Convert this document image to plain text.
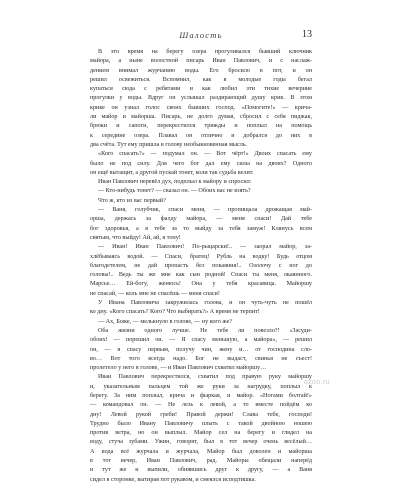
Шалость	13
В это время на берегу озера прогуливался бывший ключник
майора, а ныне волостной писарь Иван Павлович, и с наслаж-
дением внимал журчанию воды. Его бросило в пот, и он
решил освежиться. Вспомнил, как в молодые годы бегал
купаться сюда с ребятами и как любил эти тихие вечерние
прогулки у воды. Вдруг он услышал раздирающий душу крик. В этом
крике он узнал голос своих бывших господ. «Помогите!» — крича-
ли майор и майорша. Писарь, не долго думая, сбросил с себя пиджак,
брюки и сапоги, перекрестился трижды и поплыл на помощь
к середине озера. Плавал он отлично и добрался до них в
два счёта. Тут ему пришла в голову необыкновенная мысль.
«Кого спасать?» — подумал он. — Вот чёрт!» Двоих спасать ему
было не под силу. Для чего бог дал ему силы на двоих? Одного
он ещё вытащит, а другой пускай тонет, коли так судьба велит.
Иван Павлович перевёл дух, подплыл к майору и спросил:
— Кто-нибудь тонет? — сказал он. — Обоих вас не взять?
Что ж, кто из вас первый?
— Ваня, голубчик, спаси меня, — пропищала дрожащая май-
орша, держась за фалду майора, — меня спаси! Дай тебе
бог здоровья, а я тебе за то выйду за тебя замуж! Клянусь всем
святым, что выйду! Ай, ай, я тону!
— Иван! Иван Павлович! По-рыцарски!.. — заорал майор, за-
хлёбываясь водой. — Спаси, братец! Рубль на водку! Будь отцом
благодетелем, не дай пропасть без покаяния!.. Озолочу с ног до
головы!.. Ведь ты же мне как сын родной! Спаси ты меня, окаянного.
Марсье… Ей-богу, женюсь! Она у тебя красавица. Майоршу
не спасай, — коль мне не спасёшь — меня спаси!
У Ивана Павловича закружилась голова, и он чуть-чуть не пошёл
ко дну. «Кого спасать? Кого? Что выбирать?» А время не терпит!
— Ах, Боже, — мелькнуло в голове, — ну кого же?
Оба жизни одного лучше. Не тебе ли повезло?! «Засуди-
обоих! — порешил он. — Я спасу меньшую, а майора», — решил
он, — я спасу первым, получу чин, жену и… от господина сло-
во… Вот того всегда надо. Бог не выдаст, свинья не съест!
пролетело у него в голове, — и Иван Павлович схватил майоршу…
Иван Павлович перекрестился, схватил под правую руку майоршу
и, указательным пальцем той же руки за нагрудку, поплыл к
берегу. За ним поплыл, крича и фыркая, и майор. «Ногами болтай!»
— командовал он. — Не лезь к левой, а то вместе пойдём ко
дну! Левой рукой греби! Правой держи! Слава тебе, господи!
Трудно было Ивану Павловичу плыть с такой двойною ношею
против ветра, но он выплыл. Майор сел на берегу и глядел на
воду, стуча зубами. Ужин, говорят, был в тот вечер очень весёлый…
А вода всё журчала и журчала, Майор был доволен и майорша
в тот вечер, Иван Павлович, рад. Майоры обещали наперёд
и тут же и выпили, обнявшись друг к другу, — а Ваня
сидел в сторонке, вытирая пот рукавом, и смеялся исподтишка.
ozon.ru
